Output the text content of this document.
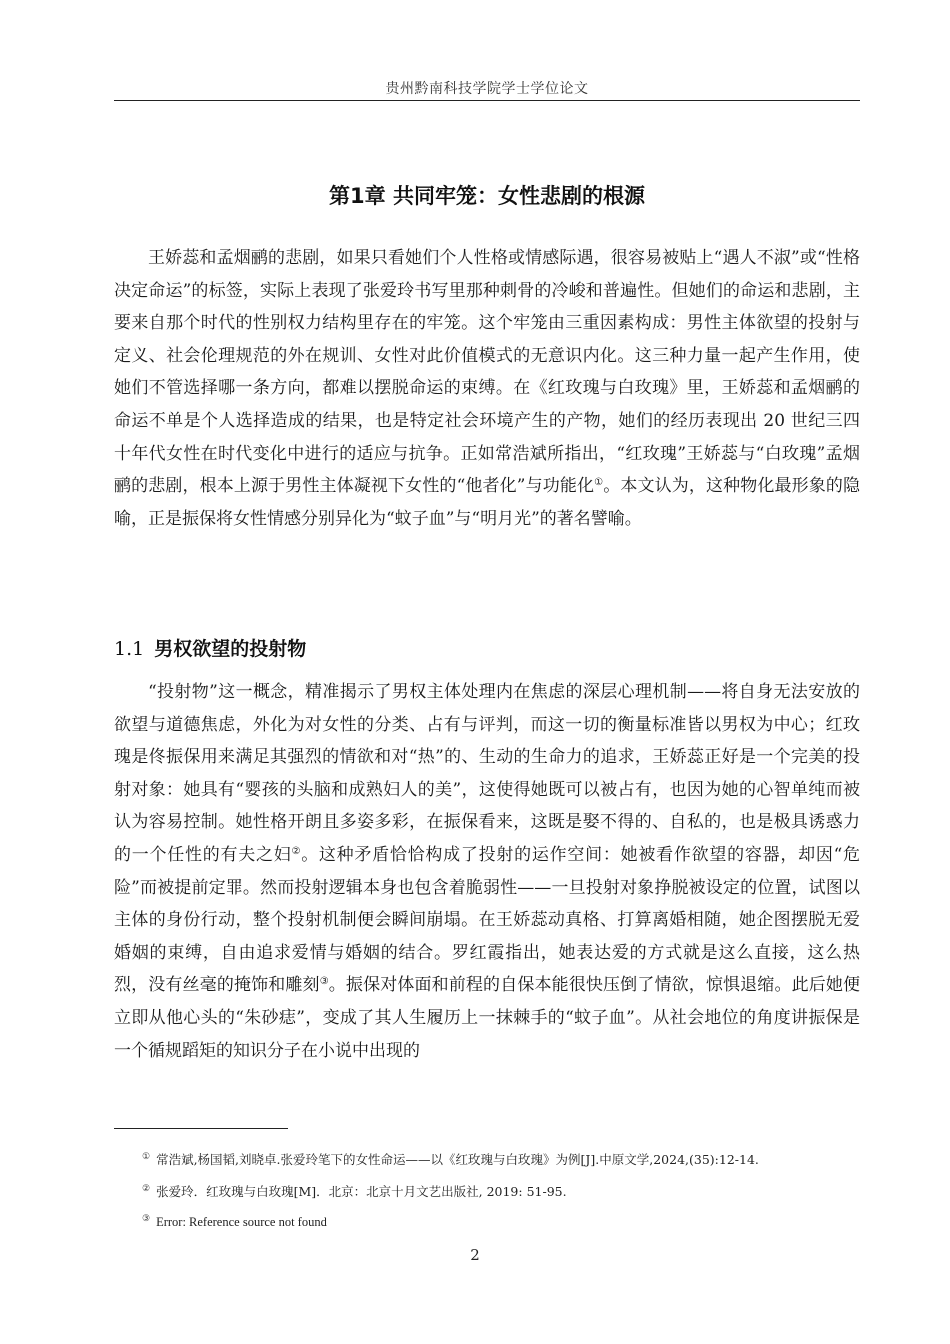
贵州黔南科技学院学士学位论文
第1章 共同牢笼：女性悲剧的根源

王娇蕊和孟烟鹂的悲剧，如果只看她们个人性格或情感际遇，很容易被贴上“遇人不淑”或“性格决定命运”的标签，实际上表现了张爱玲书写里那种刺骨的冷峻和普遍性。但她们的命运和悲剧，主要来自那个时代的性别权力结构里存在的牢笼。这个牢笼由三重因素构成：男性主体欲望的投射与定义、社会伦理规范的外在规训、女性对此价值模式的无意识内化。这三种力量一起产生作用，使她们不管选择哪一条方向，都难以摆脱命运的束缚。在《红玫瑰与白玫瑰》里，王娇蕊和孟烟鹂的命运不单是个人选择造成的结果，也是特定社会环境产生的产物，她们的经历表现出 20 世纪三四十年代女性在时代变化中进行的适应与抗争。正如常浩斌所指出，“红玫瑰”王娇蕊与“白玫瑰”孟烟鹂的悲剧，根本上源于男性主体凝视下女性的“他者化”与功能化①。本文认为，这种物化最形象的隐喻，正是振保将女性情感分别异化为“蚊子血”与“明月光”的著名譬喻。

1.1 男权欲望的投射物

“投射物”这一概念，精准揭示了男权主体处理内在焦虑的深层心理机制——将自身无法安放的欲望与道德焦虑，外化为对女性的分类、占有与评判，而这一切的衡量标准皆以男权为中心；红玫瑰是佟振保用来满足其强烈的情欲和对“热”的、生动的生命力的追求，王娇蕊正好是一个完美的投射对象：她具有“婴孩的头脑和成熟妇人的美”，这使得她既可以被占有，也因为她的心智单纯而被认为容易控制。她性格开朗且多姿多彩，在振保看来，这既是娶不得的、自私的，也是极具诱惑力的一个任性的有夫之妇②。这种矛盾恰恰构成了投射的运作空间：她被看作欲望的容器，却因“危险”而被提前定罪。然而投射逻辑本身也包含着脆弱性——一旦投射对象挣脱被设定的位置，试图以主体的身份行动，整个投射机制便会瞬间崩塌。在王娇蕊动真格、打算离婚相随，她企图摆脱无爱婚姻的束缚，自由追求爱情与婚姻的结合。罗红霞指出，她表达爱的方式就是这么直接，这么热烈，没有丝毫的掩饰和雕刻③。振保对体面和前程的自保本能很快压倒了情欲，惊惧退缩。此后她便立即从他心头的“朱砂痣”，变成了其人生履历上一抹棘手的“蚊子血”。从社会地位的角度讲振保是一个循规蹈矩的知识分子在小说中出现的

① 常浩斌,杨国韬,刘晓卓.张爱玲笔下的女性命运——以《红玫瑰与白玫瑰》为例[J].中原文学,2024,(35):12-14.
② 张爱玲．红玫瑰与白玫瑰[M]．北京：北京十月文艺出版社, 2019: 51-95.
③ Error: Reference source not found
2
